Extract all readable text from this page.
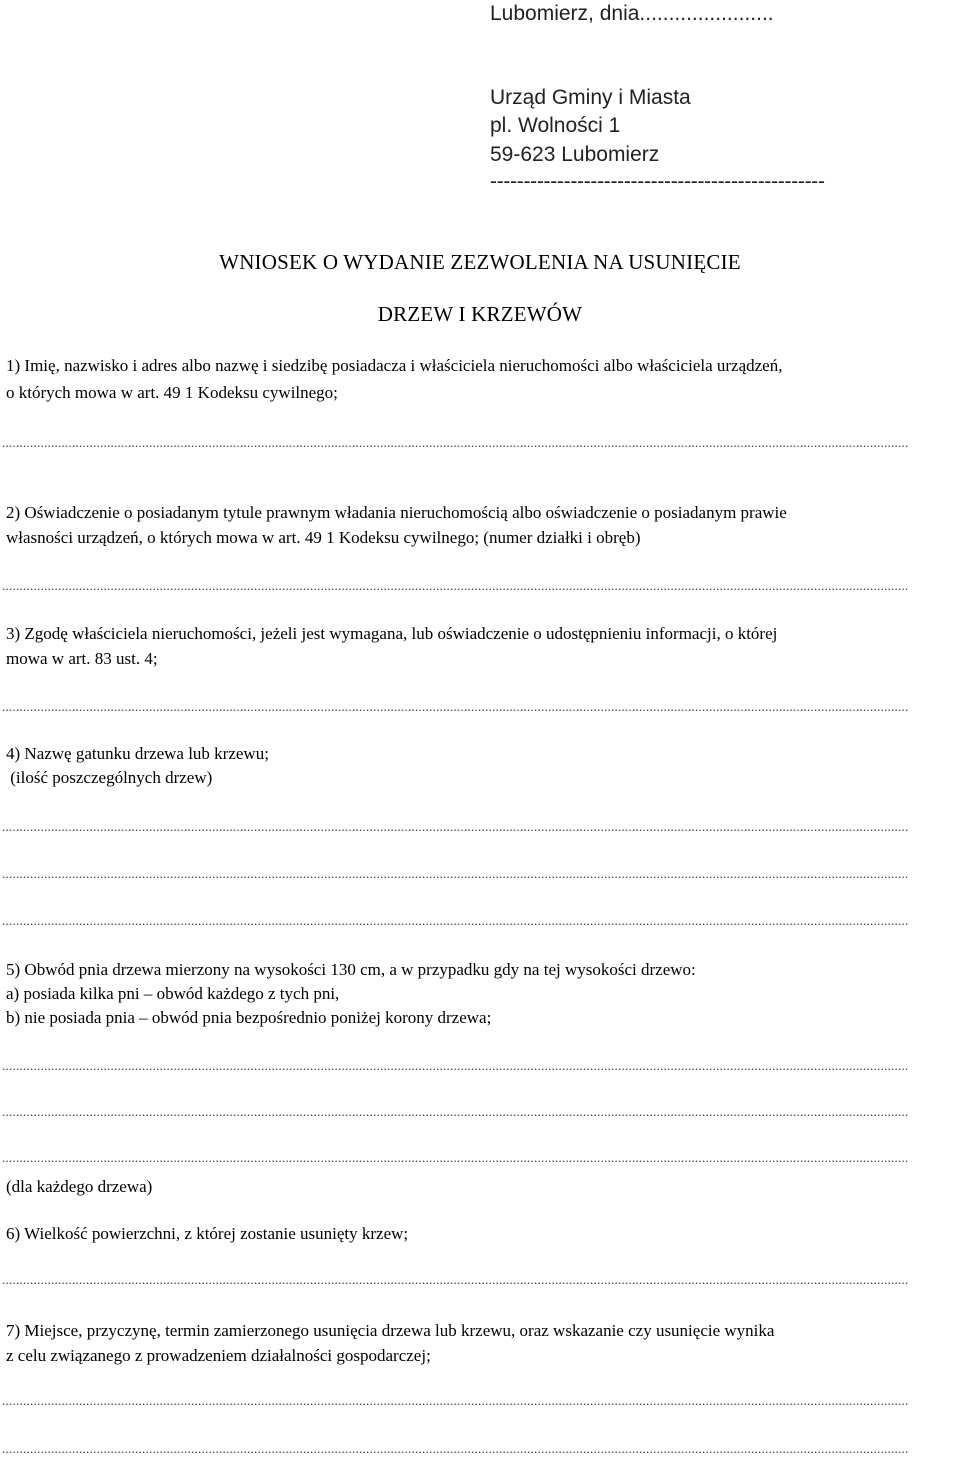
Lubomierz, dnia.......................

Urząd Gminy i Miasta

pl. Wolności 1

59-623 Lubomierz

--------------------------------------------------

WNIOSEK O WYDANIE ZEZWOLENIA NA USUNIĘCIE

DRZEW I KRZEWÓW

1) Imię, nazwisko i adres albo nazwę i siedzibę posiadacza i właściciela nieruchomości albo właściciela urządzeń,

o których mowa w art. 49 1 Kodeksu cywilnego;

...................................................................................................................................................................................................................................................................

2) Oświadczenie o posiadanym tytule prawnym władania nieruchomością albo oświadczenie o posiadanym prawie

własności urządzeń, o których mowa w art. 49 1 Kodeksu cywilnego; (numer działki i obręb)

...................................................................................................................................................................................................................................................................

3) Zgodę właściciela nieruchomości, jeżeli jest wymagana, lub oświadczenie o udostępnieniu informacji, o której

mowa w art. 83 ust. 4;

...................................................................................................................................................................................................................................................................

4) Nazwę gatunku drzewa lub krzewu;

(ilość poszczególnych drzew)

...................................................................................................................................................................................................................................................................

...................................................................................................................................................................................................................................................................

...................................................................................................................................................................................................................................................................

5) Obwód pnia drzewa mierzony na wysokości 130 cm, a w przypadku gdy na tej wysokości drzewo:

a) posiada kilka pni – obwód każdego z tych pni,

b) nie posiada pnia – obwód pnia bezpośrednio poniżej korony drzewa;

...................................................................................................................................................................................................................................................................

...................................................................................................................................................................................................................................................................

...................................................................................................................................................................................................................................................................

(dla każdego drzewa)

6) Wielkość powierzchni, z której zostanie usunięty krzew;

...................................................................................................................................................................................................................................................................

7) Miejsce, przyczynę, termin zamierzonego usunięcia drzewa lub krzewu, oraz wskazanie czy usunięcie wynika

z celu związanego z prowadzeniem działalności gospodarczej;

...................................................................................................................................................................................................................................................................

...................................................................................................................................................................................................................................................................
